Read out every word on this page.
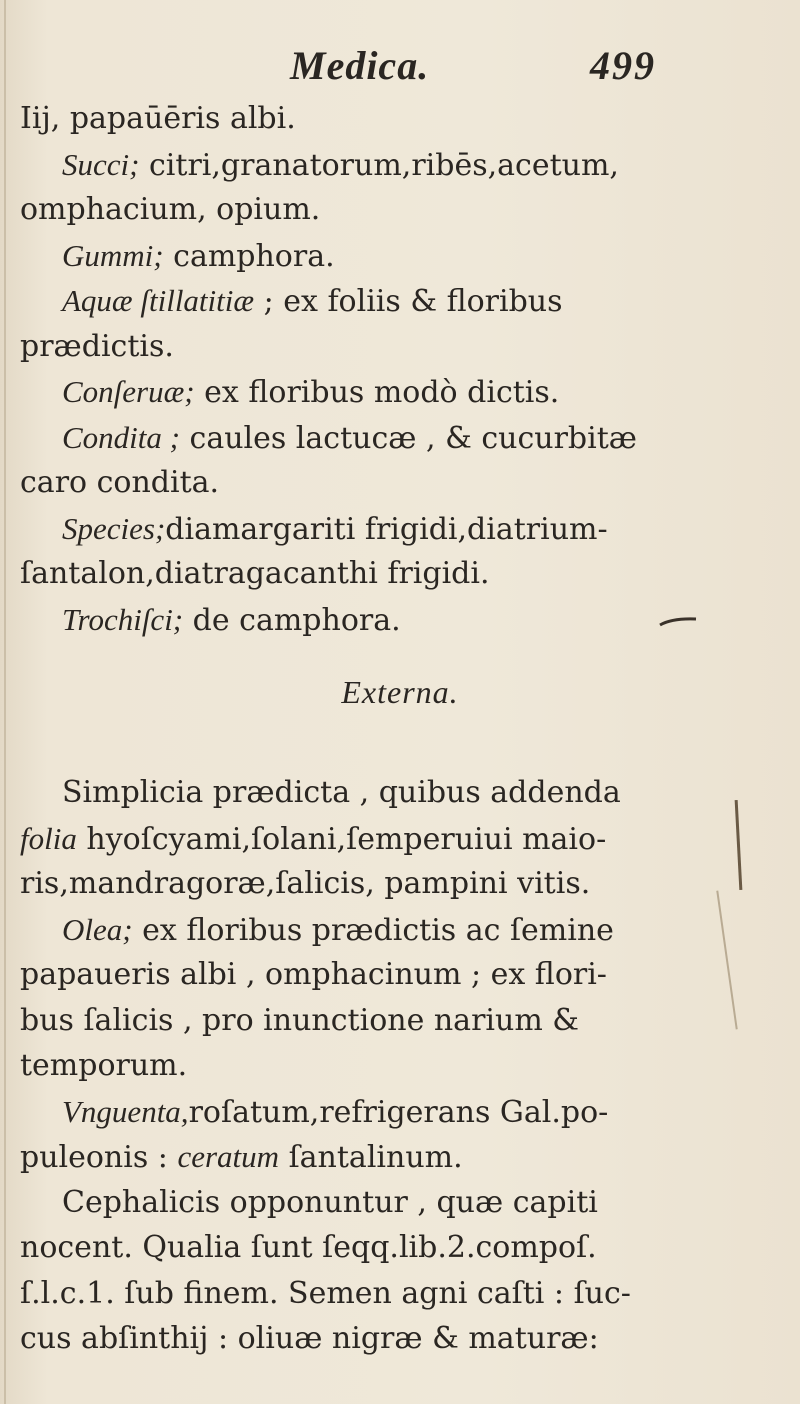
Medica.	499
Iij, papaūēris albi.
Succi; citri,granatorum,ribēs,acetum,
omphacium, opium.
Gummi; camphora.
Aquæ ſtillatitiæ ; ex foliis & floribus
prædictis.
Conſeruæ; ex floribus modò dictis.
Condita ; caules lactucæ , & cucurbitæ
caro condita.
Species;diamargariti frigidi,diatrium-
ſantalon,diatragacanthi frigidi.
Trochiſci; de camphora.
Externa.
Simplicia prædicta , quibus addenda
folia hyoſcyami,ſolani,ſemperuiui maio-
ris,mandragoræ,ſalicis, pampini vitis.
Olea; ex floribus prædictis ac ſemine
papaueris albi , omphacinum ; ex flori-
bus ſalicis , pro inunctione narium &
temporum.
Vnguenta,roſatum,refrigerans Gal.po-
puleonis : ceratum ſantalinum.
Cephalicis opponuntur , quæ capiti
nocent. Qualia ſunt ſeqq.lib.2.compoſ.
ſ.l.c.1. ſub finem. Semen agni caſti : ſuc-
cus abſinthij : oliuæ nigræ & maturæ:
